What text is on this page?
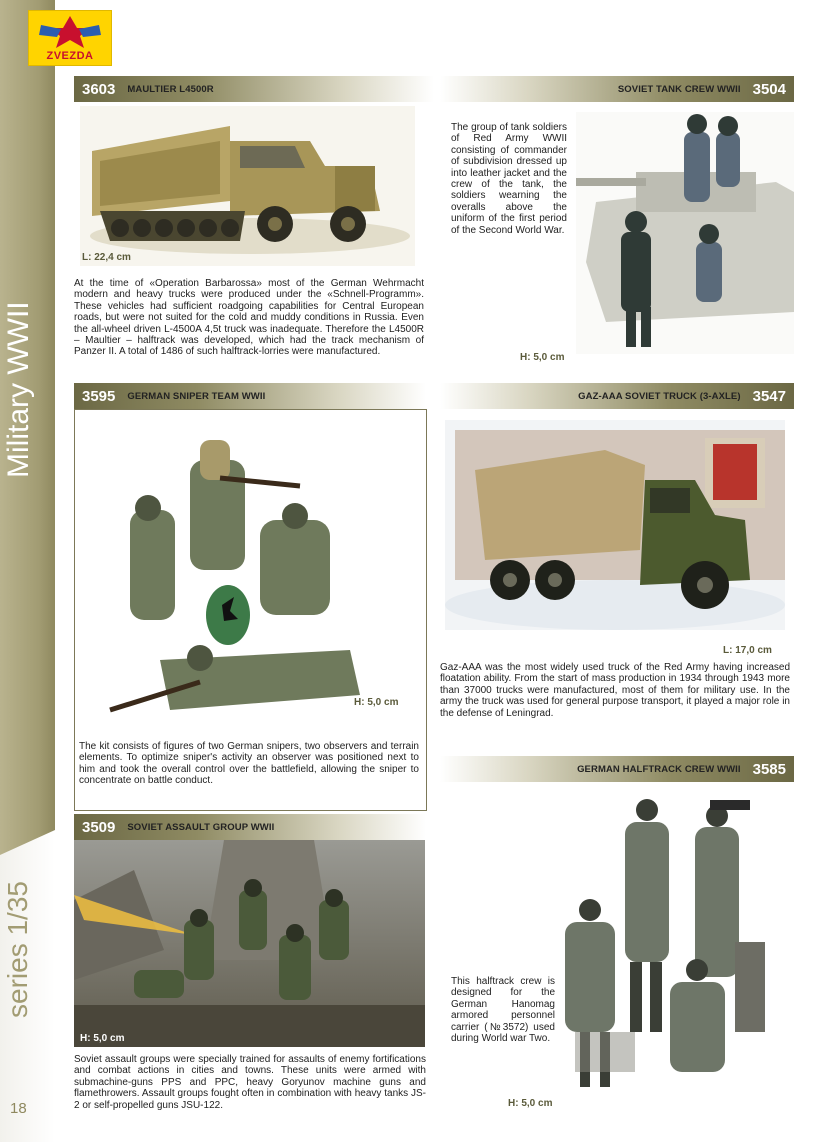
Military WWII
series 1/35
18
ZVEZDA
3603	MAULTIER L4500R
L: 22,4 cm
At the time of «Operation Barbarossa» most of the German Wehrmacht modern and heavy trucks were produced under the «Schnell-Programm». These vehicles had sufficient roadgoing capabilities for Central European roads, but were not suited for the cold and muddy conditions in Russia. Even the all-wheel driven L-4500A 4,5t truck was inadequate. Therefore the L4500R – Maultier – halftrack was developed, which had the track mechanism of Panzer II. A total of 1486 of such halftrack-lorries were manufactured.
SOVIET TANK CREW WWII 3504
The group of tank soldiers of Red Army WWII consisting of commander of subdivision dressed up into leather jacket and the crew of the tank, the soldiers wearning the overalls above the uniform of the first period of the Second World War.
H: 5,0 cm
3595	GERMAN SNIPER TEAM WWII
H: 5,0 cm
The kit consists of figures of two German snipers, two observers and terrain elements. To optimize sniper's activity an observer was positioned next to him and took the overall control over the battlefield, allowing the sniper to concentrate on battle conduct.
GAZ-AAA SOVIET TRUCK (3-AXLE) 3547
L: 17,0 cm
Gaz-AAA was the most widely used truck of the Red Army having increased floatation ability. From the start of mass production in 1934 through 1943 more than 37000 trucks were manufactured, most of them for military use. In the army the truck was used for general purpose transport, it played a major role in the defense of Leningrad.
3509	SOVIET ASSAULT GROUP WWII
H: 5,0 cm
Soviet assault groups were specially trained for assaults of enemy fortifications and combat actions in cities and towns. These units were armed with submachine-guns PPS and PPC, heavy Goryunov machine guns and flamethrowers. Assault groups fought often in combination with heavy tanks JS-2 or self-propelled guns JSU-122.
GERMAN HALFTRACK CREW WWII 3585
This halftrack crew is designed for the German Hanomag armored personnel carrier (№3572) used during World war Two.
H: 5,0 cm
